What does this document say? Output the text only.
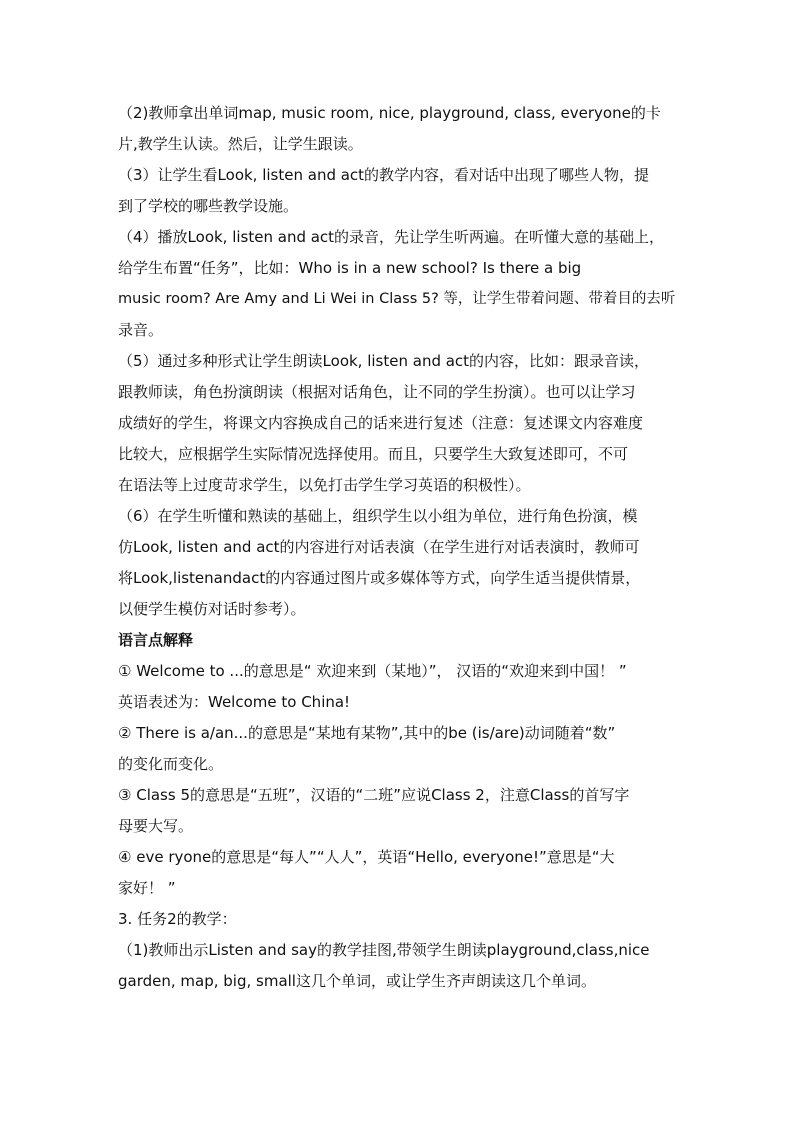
（2)教师拿出单词map, music room, nice, playground, class, everyone的卡
片,教学生认读。然后，让学生跟读。
（3）让学生看Look, listen and act的教学内容，看对话中出现了哪些人物，提
到了学校的哪些教学设施。
（4）播放Look, listen and act的录音，先让学生听两遍。在听懂大意的基础上，
给学生布置“任务”，比如：Who is in a new school? Is there a big
music room? Are Amy and Li Wei in Class 5? 等，让学生带着问题、带着目的去听
录音。
（5）通过多种形式让学生朗读Look, listen and act的内容，比如：跟录音读，
跟教师读，角色扮演朗读（根据对话角色，让不同的学生扮演）。也可以让学习
成绩好的学生，将课文内容换成自己的话来进行复述（注意：复述课文内容难度
比较大，应根据学生实际情况选择使用。而且，只要学生大致复述即可，不可
在语法等上过度苛求学生，以免打击学生学习英语的积极性）。
（6）在学生听懂和熟读的基础上，组织学生以小组为单位，进行角色扮演，模
仿Look, listen and act的内容进行对话表演（在学生进行对话表演时，教师可
将Look,listenandact的内容通过图片或多媒体等方式，向学生适当提供情景，
以便学生模仿对话时参考）。
语言点解释
① Welcome to ...的意思是“ 欢迎来到（某地）”， 汉语的“欢迎来到中国！ ”
英语表述为：Welcome to China!
② There is a/an...的意思是“某地有某物”,其中的be (is/are)动词随着“数”
的变化而变化。
③ Class 5的意思是“五班”，汉语的“二班”应说Class 2，注意Class的首写字
母要大写。
④ eve ryone的意思是“每人”“人人”，英语“Hello, everyone!”意思是“大
家好！ ”
3. 任务2的教学：
（1)教师出示Listen and say的教学挂图,带领学生朗读playground,class,nice
garden, map, big, small这几个单词，或让学生齐声朗读这几个单词。
